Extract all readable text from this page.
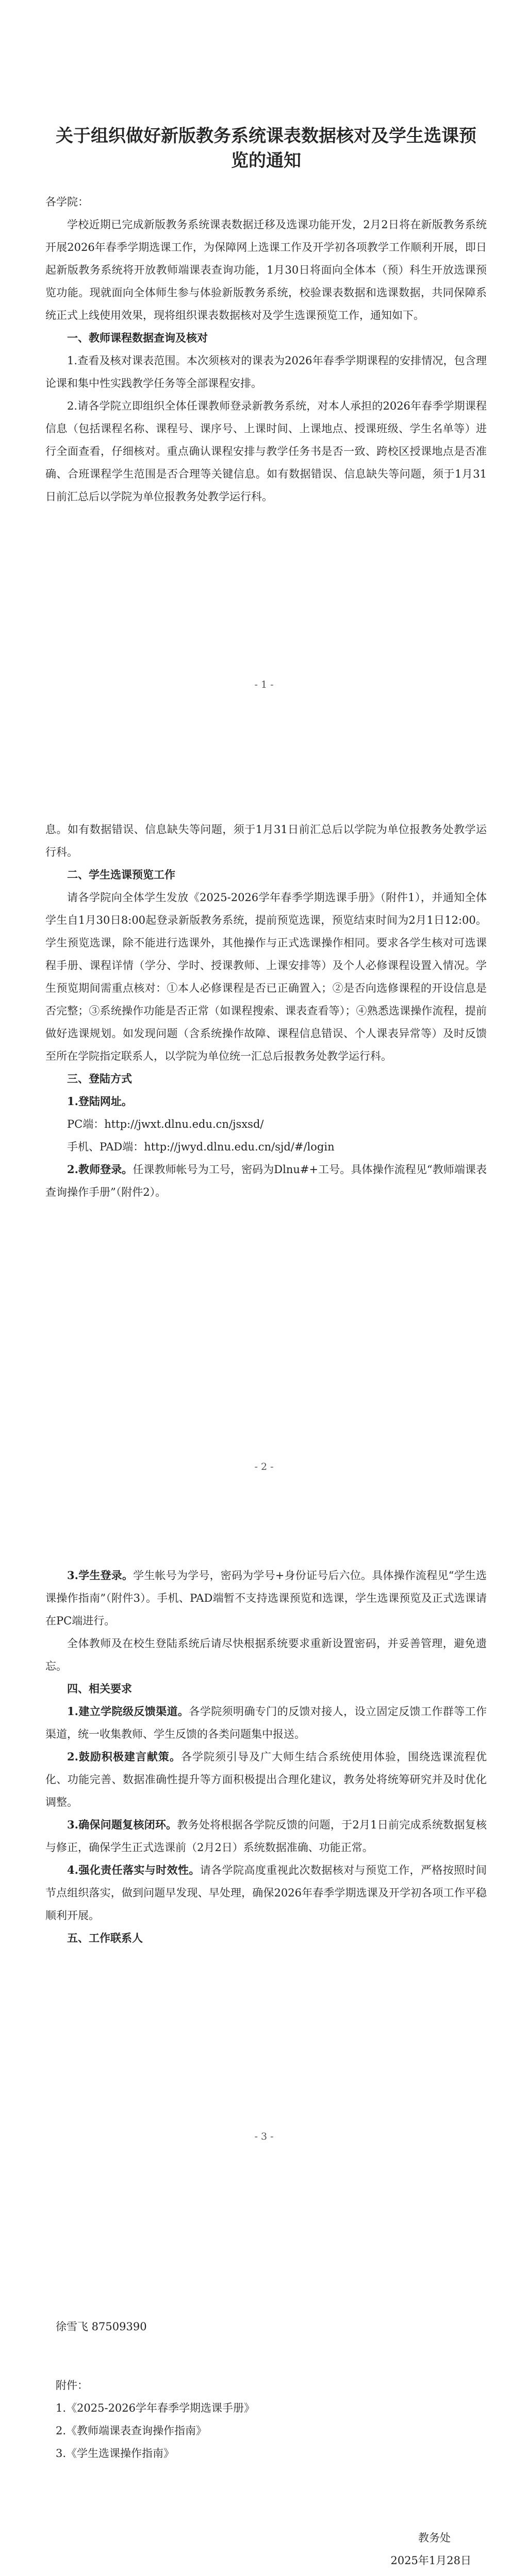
关于组织做好新版教务系统课表数据核对及学生选课预览的通知

各学院：

学校近期已完成新版教务系统课表数据迁移及选课功能开发，2月2日将在新版教务系统开展2026年春季学期选课工作，为保障网上选课工作及开学初各项教学工作顺利开展，即日起新版教务系统将开放教师端课表查询功能，1月30日将面向全体本（预）科生开放选课预览功能。现就面向全体师生参与体验新版教务系统，校验课表数据和选课数据，共同保障系统正式上线使用效果，现将组织课表数据核对及学生选课预览工作，通知如下。

一、教师课程数据查询及核对

1.查看及核对课表范围。本次须核对的课表为2026年春季学期课程的安排情况，包含理论课和集中性实践教学任务等全部课程安排。

2.请各学院立即组织全体任课教师登录新教务系统，对本人承担的2026年春季学期课程信息（包括课程名称、课程号、课序号、上课时间、上课地点、授课班级、学生名单等）进行全面查看，仔细核对。重点确认课程安排与教学任务书是否一致、跨校区授课地点是否准确、合班课程学生范围是否合理等关键信息。如有数据错误、信息缺失等问题，须于1月31日前汇总后以学院为单位报教务处教学运行科。

- 1 -

息。如有数据错误、信息缺失等问题，须于1月31日前汇总后以学院为单位报教务处教学运行科。

二、学生选课预览工作

请各学院向全体学生发放《2025-2026学年春季学期选课手册》（附件1），并通知全体学生自1月30日8:00起登录新版教务系统，提前预览选课，预览结束时间为2月1日12:00。学生预览选课，除不能进行选课外，其他操作与正式选课操作相同。要求各学生核对可选课程手册、课程详情（学分、学时、授课教师、上课安排等）及个人必修课程设置入情况。学生预览期间需重点核对：①本人必修课程是否已正确置入；②是否向选修课程的开设信息是否完整；③系统操作功能是否正常（如课程搜索、课表查看等）；④熟悉选课操作流程，提前做好选课规划。如发现问题（含系统操作故障、课程信息错误、个人课表异常等）及时反馈至所在学院指定联系人，以学院为单位统一汇总后报教务处教学运行科。

三、登陆方式

1.登陆网址。

PC端：http://jwxt.dlnu.edu.cn/jsxsd/

手机、PAD端：http://jwyd.dlnu.edu.cn/sjd/#/login

2.教师登录。任课教师帐号为工号，密码为Dlnu#+工号。具体操作流程见“教师端课表查询操作手册”（附件2）。

- 2 -

3.学生登录。学生帐号为学号，密码为学号+身份证号后六位。具体操作流程见“学生选课操作指南”（附件3）。手机、PAD端暂不支持选课预览和选课，学生选课预览及正式选课请在PC端进行。

全体教师及在校生登陆系统后请尽快根据系统要求重新设置密码，并妥善管理，避免遗忘。

四、相关要求

1.建立学院级反馈渠道。各学院须明确专门的反馈对接人，设立固定反馈工作群等工作渠道，统一收集教师、学生反馈的各类问题集中报送。

2.鼓励积极建言献策。各学院须引导及广大师生结合系统使用体验，围绕选课流程优化、功能完善、数据准确性提升等方面积极提出合理化建议，教务处将统筹研究并及时优化调整。

3.确保问题复核闭环。教务处将根据各学院反馈的问题，于2月1日前完成系统数据复核与修正，确保学生正式选课前（2月2日）系统数据准确、功能正常。

4.强化责任落实与时效性。请各学院高度重视此次数据核对与预览工作，严格按照时间节点组织落实，做到问题早发现、早处理，确保2026年春季学期选课及开学初各项工作平稳顺利开展。

五、工作联系人

- 3 -

徐雪飞 87509390

附件：

1.《2025-2026学年春季学期选课手册》

2.《教师端课表查询操作指南》

3.《学生选课操作指南》

教务处

2025年1月28日
